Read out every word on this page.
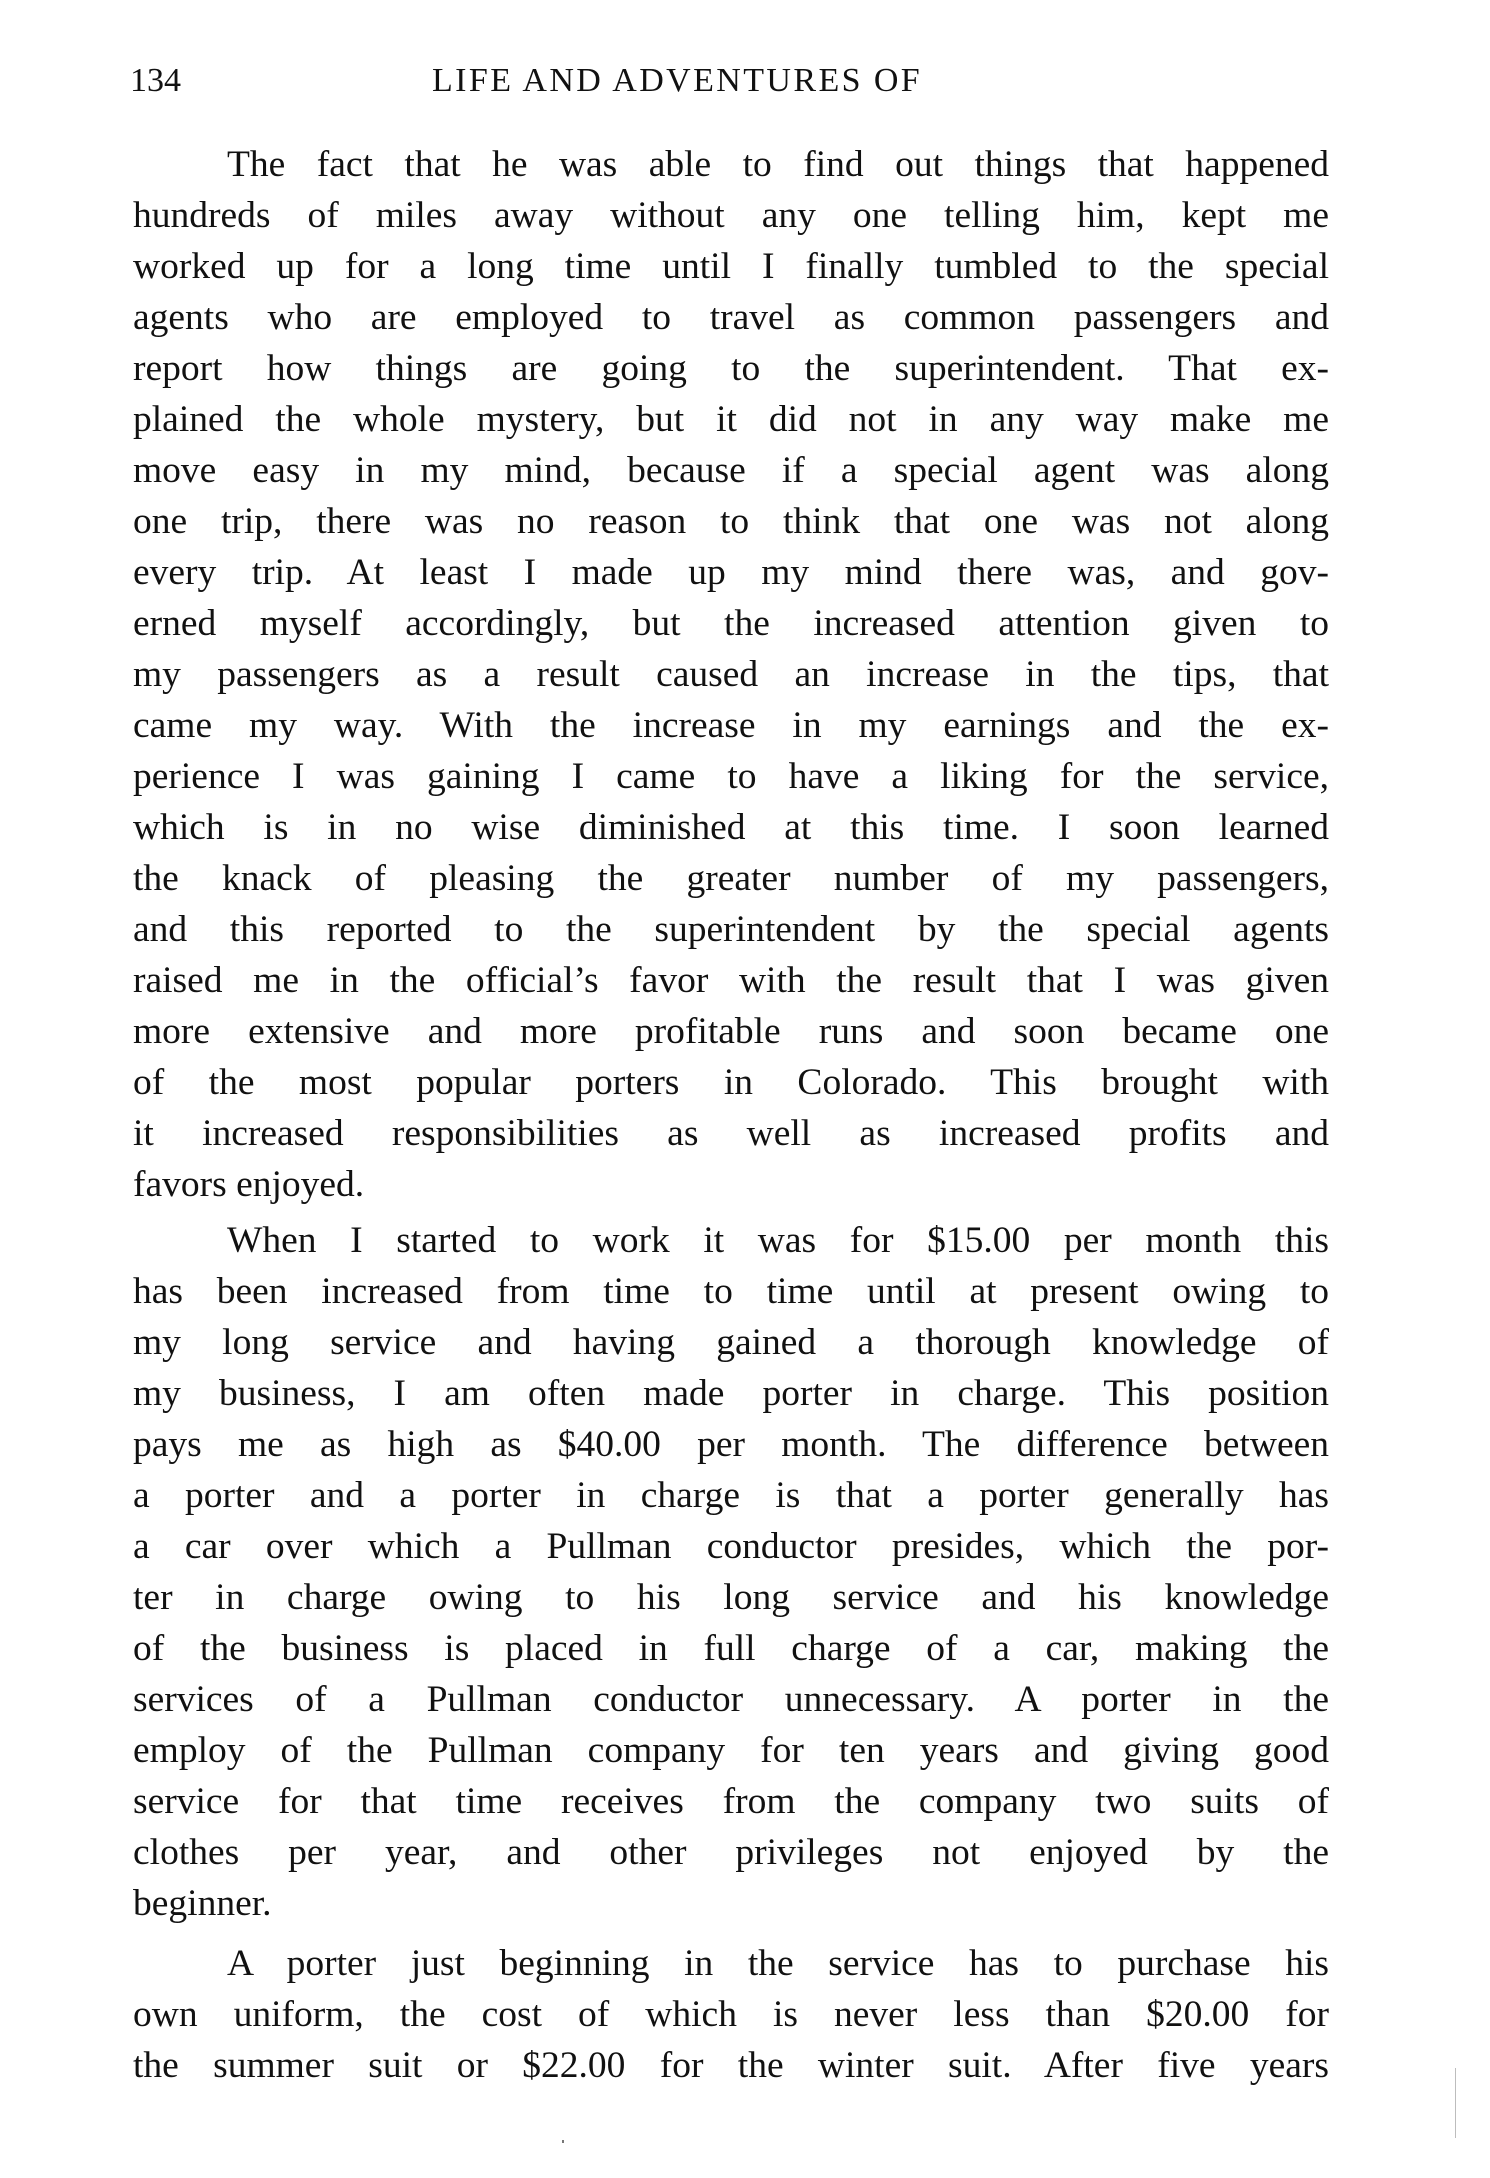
134	LIFE AND ADVENTURES OF
The fact that he was able to find out things that happened
hundreds of miles away without any one telling him, kept me
worked up for a long time until I finally tumbled to the special
agents who are employed to travel as common passengers and
report how things are going to the superintendent. That ex-
plained the whole mystery, but it did not in any way make me
move easy in my mind, because if a special agent was along
one trip, there was no reason to think that one was not along
every trip. At least I made up my mind there was, and gov-
erned myself accordingly, but the increased attention given to
my passengers as a result caused an increase in the tips, that
came my way. With the increase in my earnings and the ex-
perience I was gaining I came to have a liking for the service,
which is in no wise diminished at this time. I soon learned
the knack of pleasing the greater number of my passengers,
and this reported to the superintendent by the special agents
raised me in the official’s favor with the result that I was given
more extensive and more profitable runs and soon became one
of the most popular porters in Colorado. This brought with
it increased responsibilities as well as increased profits and
favors enjoyed.
When I started to work it was for $15.00 per month this
has been increased from time to time until at present owing to
my long service and having gained a thorough knowledge of
my business, I am often made porter in charge. This position
pays me as high as $40.00 per month. The difference between
a porter and a porter in charge is that a porter generally has
a car over which a Pullman conductor presides, which the por-
ter in charge owing to his long service and his knowledge
of the business is placed in full charge of a car, making the
services of a Pullman conductor unnecessary. A porter in the
employ of the Pullman company for ten years and giving good
service for that time receives from the company two suits of
clothes per year, and other privileges not enjoyed by the
beginner.
A porter just beginning in the service has to purchase his
own uniform, the cost of which is never less than $20.00 for
the summer suit or $22.00 for the winter suit. After five years
